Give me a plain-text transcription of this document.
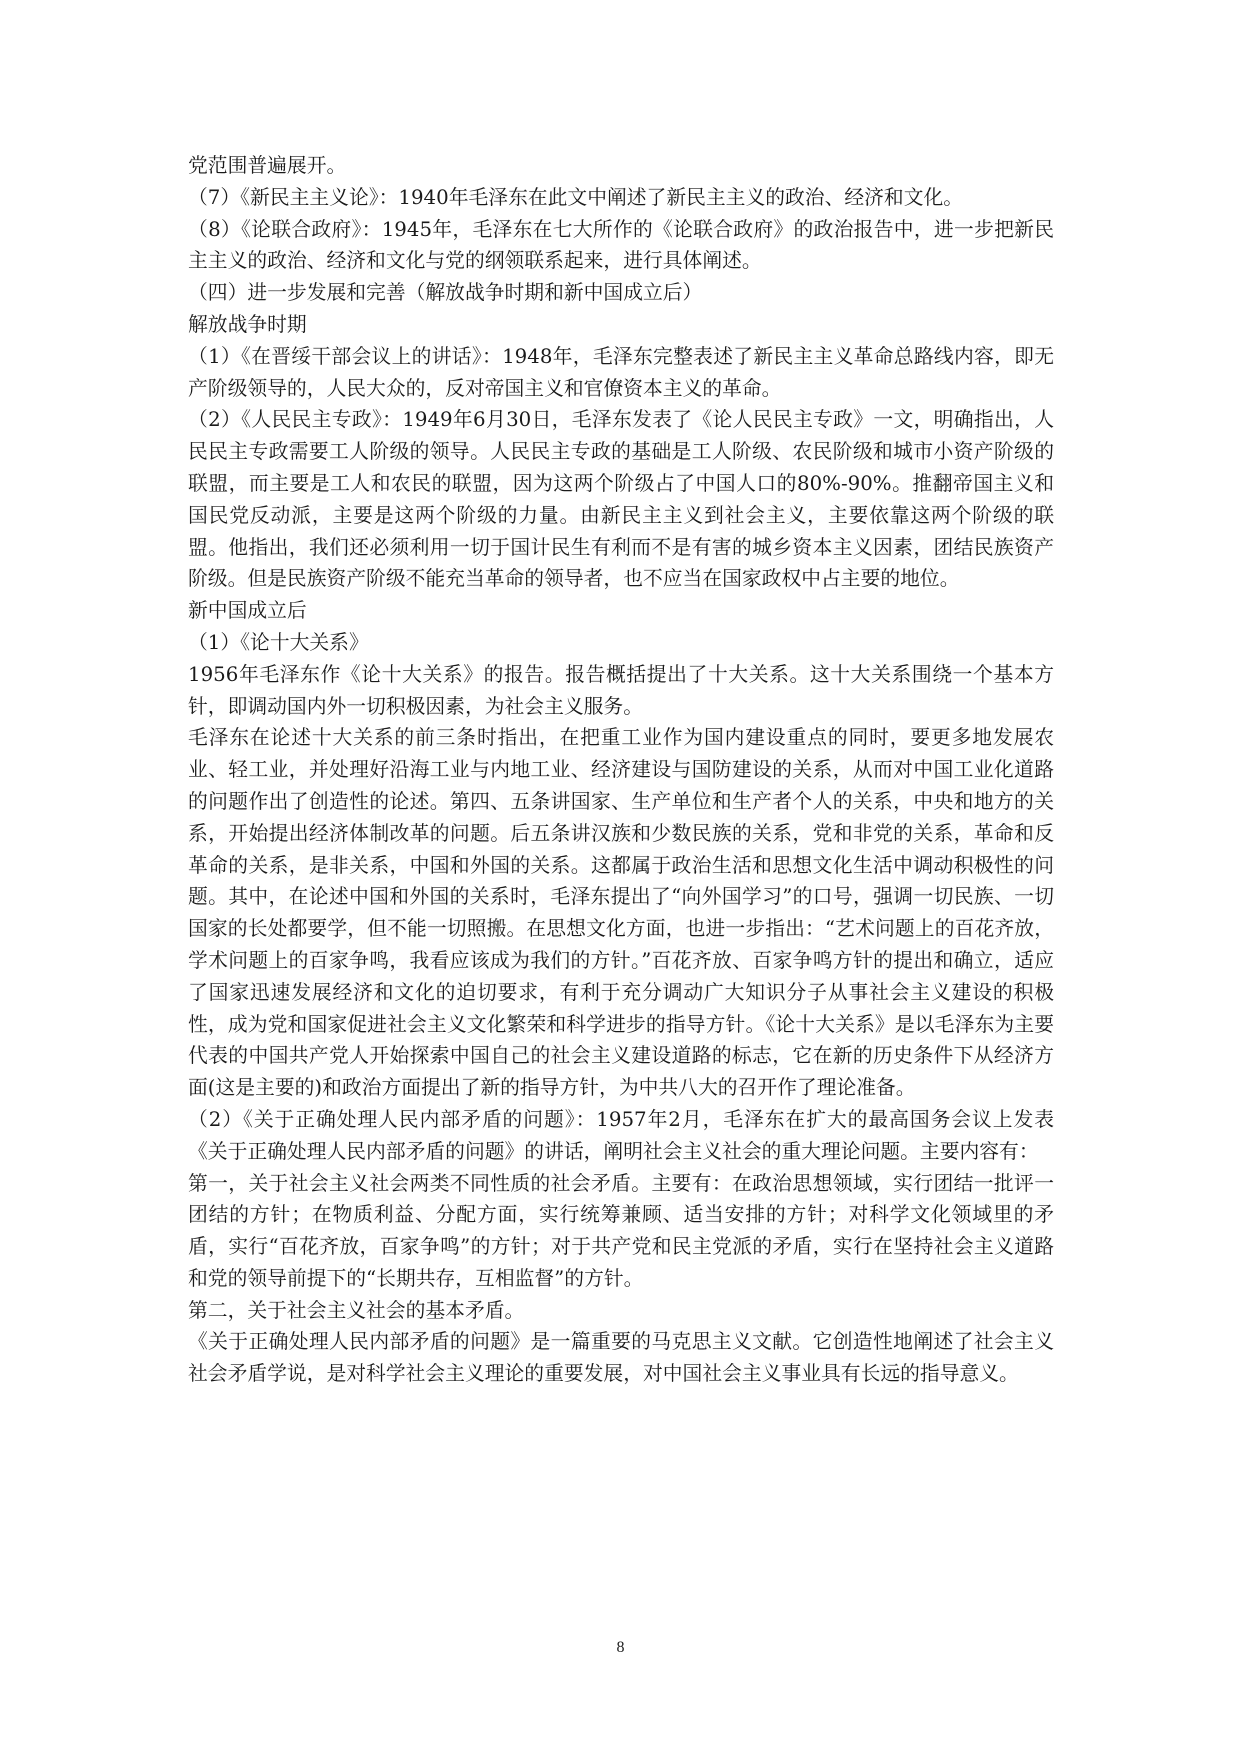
党范围普遍展开。

（7）《新民主主义论》：1940年毛泽东在此文中阐述了新民主主义的政治、经济和文化。

（8）《论联合政府》：1945年，毛泽东在七大所作的《论联合政府》的政治报告中，进一步把新民主主义的政治、经济和文化与党的纲领联系起来，进行具体阐述。

（四）进一步发展和完善（解放战争时期和新中国成立后）

解放战争时期

（1）《在晋绥干部会议上的讲话》：1948年，毛泽东完整表述了新民主主义革命总路线内容，即无产阶级领导的，人民大众的，反对帝国主义和官僚资本主义的革命。

（2）《人民民主专政》：1949年6月30日，毛泽东发表了《论人民民主专政》一文，明确指出，人民民主专政需要工人阶级的领导。人民民主专政的基础是工人阶级、农民阶级和城市小资产阶级的联盟，而主要是工人和农民的联盟，因为这两个阶级占了中国人口的80%-90%。推翻帝国主义和国民党反动派，主要是这两个阶级的力量。由新民主主义到社会主义，主要依靠这两个阶级的联盟。他指出，我们还必须利用一切于国计民生有利而不是有害的城乡资本主义因素，团结民族资产阶级。但是民族资产阶级不能充当革命的领导者，也不应当在国家政权中占主要的地位。

新中国成立后

（1）《论十大关系》

1956年毛泽东作《论十大关系》的报告。报告概括提出了十大关系。这十大关系围绕一个基本方针，即调动国内外一切积极因素，为社会主义服务。

毛泽东在论述十大关系的前三条时指出，在把重工业作为国内建设重点的同时，要更多地发展农业、轻工业，并处理好沿海工业与内地工业、经济建设与国防建设的关系，从而对中国工业化道路的问题作出了创造性的论述。第四、五条讲国家、生产单位和生产者个人的关系，中央和地方的关系，开始提出经济体制改革的问题。后五条讲汉族和少数民族的关系，党和非党的关系，革命和反革命的关系，是非关系，中国和外国的关系。这都属于政治生活和思想文化生活中调动积极性的问题。其中，在论述中国和外国的关系时，毛泽东提出了“向外国学习”的口号，强调一切民族、一切国家的长处都要学，但不能一切照搬。在思想文化方面，也进一步指出：“艺术问题上的百花齐放，学术问题上的百家争鸣，我看应该成为我们的方针。”百花齐放、百家争鸣方针的提出和确立，适应了国家迅速发展经济和文化的迫切要求，有利于充分调动广大知识分子从事社会主义建设的积极性，成为党和国家促进社会主义文化繁荣和科学进步的指导方针。《论十大关系》是以毛泽东为主要代表的中国共产党人开始探索中国自己的社会主义建设道路的标志，它在新的历史条件下从经济方面(这是主要的)和政治方面提出了新的指导方针，为中共八大的召开作了理论准备。

（2）《关于正确处理人民内部矛盾的问题》：1957年2月，毛泽东在扩大的最高国务会议上发表《关于正确处理人民内部矛盾的问题》的讲话，阐明社会主义社会的重大理论问题。主要内容有：

第一，关于社会主义社会两类不同性质的社会矛盾。主要有：在政治思想领域，实行团结一批评一团结的方针；在物质利益、分配方面，实行统筹兼顾、适当安排的方针；对科学文化领域里的矛盾，实行“百花齐放，百家争鸣”的方针；对于共产党和民主党派的矛盾，实行在坚持社会主义道路和党的领导前提下的“长期共存，互相监督”的方针。

第二，关于社会主义社会的基本矛盾。

《关于正确处理人民内部矛盾的问题》是一篇重要的马克思主义文献。它创造性地阐述了社会主义社会矛盾学说，是对科学社会主义理论的重要发展，对中国社会主义事业具有长远的指导意义。

8
